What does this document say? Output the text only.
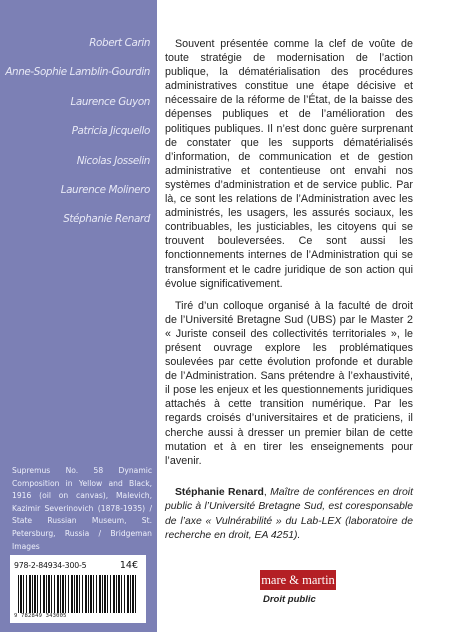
Robert Carin
Anne-Sophie Lamblin-Gourdin
Laurence Guyon
Patricia Jicquello
Nicolas Josselin
Laurence Molinero
Stéphanie Renard

Supremus No. 58 Dynamic Composition in Yellow and Black, 1916 (oil on canvas), Malevich, Kazimir Severinovich (1878-1935) / State Russian Museum, St. Petersburg, Russia / Bridgeman Images

978-2-84934-300-5	14€
9 782849 343005

Souvent présentée comme la clef de voûte de toute stratégie de modernisation de l’action publique, la dématérialisation des procédures administratives constitue une étape décisive et nécessaire de la réforme de l’État, de la baisse des dépenses publiques et de l’amélioration des politiques publiques. Il n’est donc guère surprenant de constater que les supports dématérialisés d’information, de communication et de gestion administrative et contentieuse ont envahi nos systèmes d’administration et de service public. Par là, ce sont les relations de l’Administration avec les administrés, les usagers, les assurés sociaux, les contribuables, les justiciables, les citoyens qui se trouvent bouleversées. Ce sont aussi les fonctionnements internes de l’Administration qui se transforment et le cadre juridique de son action qui évolue significativement.

Tiré d’un colloque organisé à la faculté de droit de l’Université Bretagne Sud (UBS) par le Master 2 « Juriste conseil des collectivités territoriales », le présent ouvrage explore les problématiques soulevées par cette évolution profonde et durable de l’Administration. Sans prétendre à l’exhaustivité, il pose les enjeux et les questionnements juridiques attachés à cette transition numérique. Par les regards croisés d’universitaires et de praticiens, il cherche aussi à dresser un premier bilan de cette mutation et à en tirer les enseignements pour l’avenir.

Stéphanie Renard, Maître de conférences en droit public à l’Université Bretagne Sud, est coresponsable de l’axe « Vulnérabilité » du Lab-LEX (laboratoire de recherche en droit, EA 4251).

mare & martin
Droit public
